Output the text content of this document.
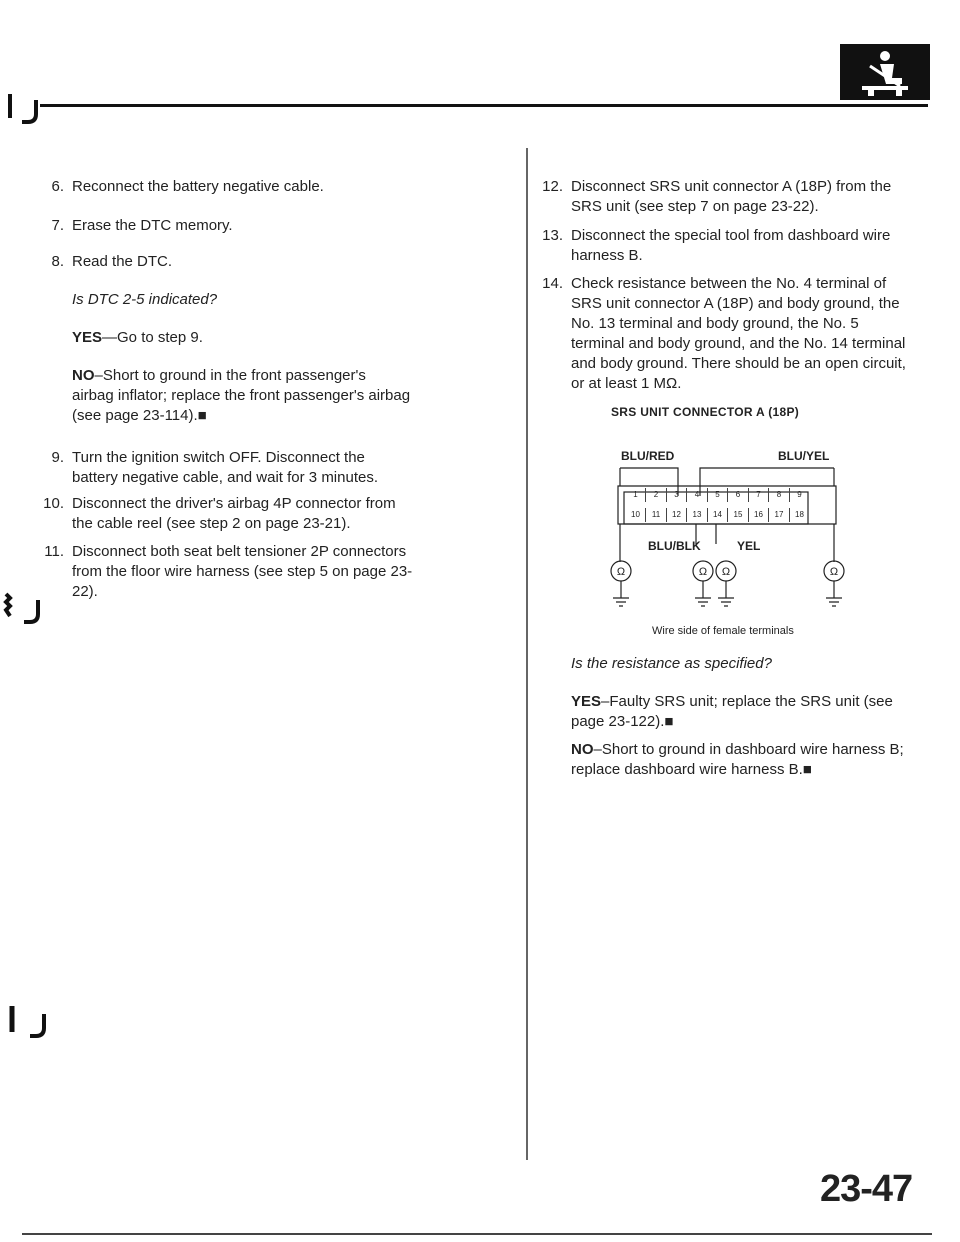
6. Reconnect the battery negative cable.
7. Erase the DTC memory.
8. Read the DTC.
Is DTC 2-5 indicated?
YES—Go to step 9.
NO–Short to ground in the front passenger's
airbag inflator; replace the front passenger's airbag
(see page 23-114).■
9. Turn the ignition switch OFF. Disconnect the
battery negative cable, and wait for 3 minutes.
10. Disconnect the driver's airbag 4P connector from
the cable reel (see step 2 on page 23-21).
11. Disconnect both seat belt tensioner 2P connectors
from the floor wire harness (see step 5 on page 23-
22).
12. Disconnect SRS unit connector A (18P) from the
SRS unit (see step 7 on page 23-22).
13. Disconnect the special tool from dashboard wire
harness B.
14. Check resistance between the No. 4 terminal of
SRS unit connector A (18P) and body ground, the
No. 13 terminal and body ground, the No. 5
terminal and body ground, and the No. 14 terminal
and body ground. There should be an open circuit,
or at least 1 MΩ.
SRS UNIT CONNECTOR A (18P)
BLU/RED	BLU/YEL
BLU/BLK	YEL
Ω	Ω Ω	Ω
Wire side of female terminals
Is the resistance as specified?
YES–Faulty SRS unit; replace the SRS unit (see
page 23-122).■
NO–Short to ground in dashboard wire harness B;
replace dashboard wire harness B.■
23-47
1	2	3	4	5	6	7	8	9
10	11	12	13	14	15	16	17	18
